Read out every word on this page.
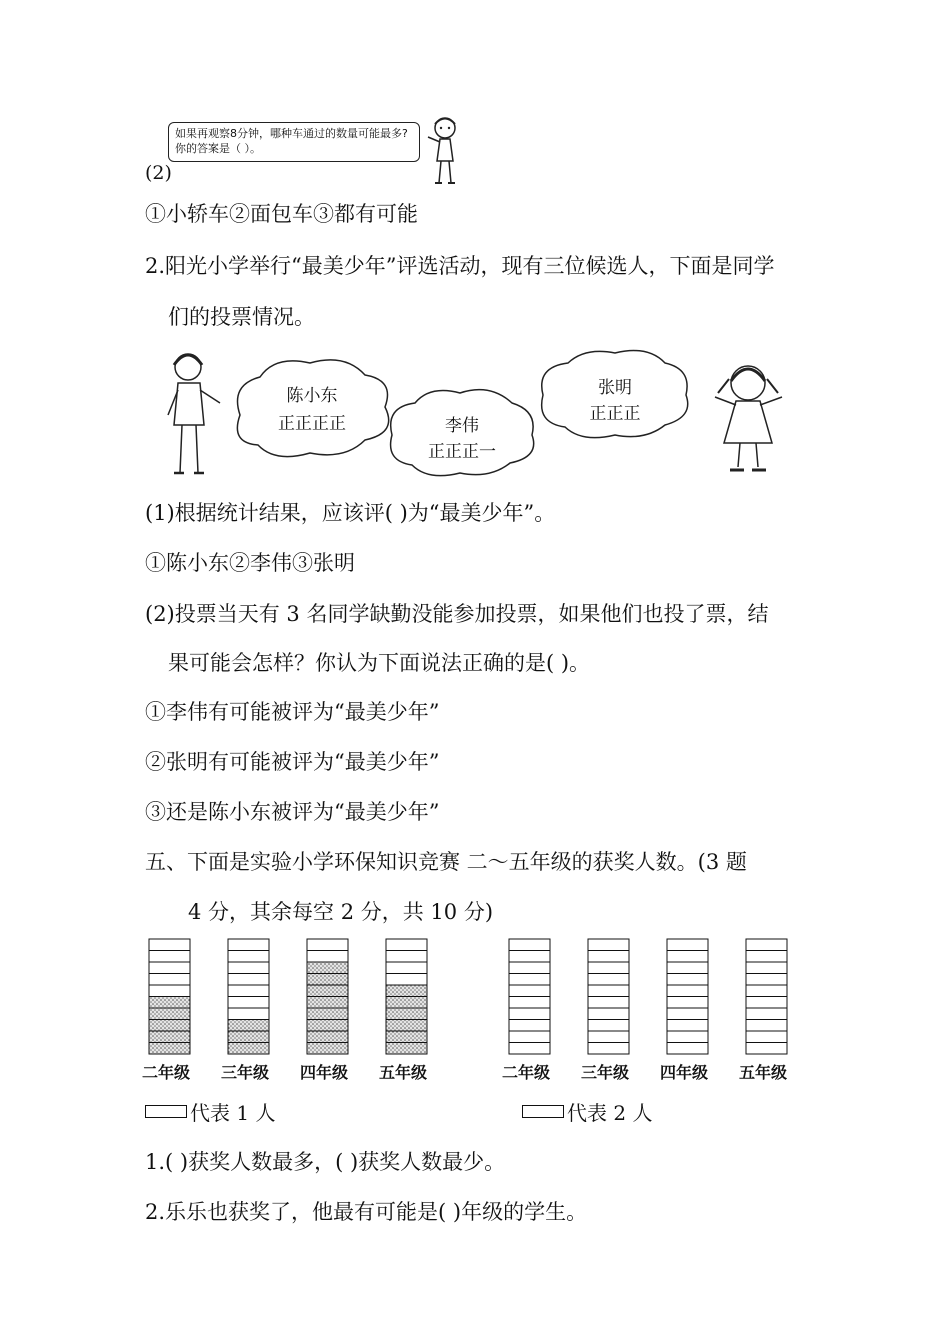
如果再观察8分钟，哪种车通过的数量可能最多?
你的答案是（ ）。
(2)
①小轿车②面包车③都有可能
2.阳光小学举行“最美少年”评选活动，现有三位候选人，下面是同学
们的投票情况。
陈小东
正正正正	李伟
正正正一
张明
正正正
(1)根据统计结果，应该评( )为“最美少年”。
①陈小东②李伟③张明
(2)投票当天有 3 名同学缺勤没能参加投票，如果他们也投了票，结
果可能会怎样？你认为下面说法正确的是( )。
①李伟有可能被评为“最美少年”
②张明有可能被评为“最美少年”
③还是陈小东被评为“最美少年”
五、下面是实验小学环保知识竞赛 二～五年级的获奖人数。(3 题
4 分，其余每空 2 分，共 10 分)
二年级 三年级 四年级 五年级	二年级 三年级 四年级 五年级
代表 1 人	代表 2 人
1.( )获奖人数最多，( )获奖人数最少。
2.乐乐也获奖了，他最有可能是( )年级的学生。
